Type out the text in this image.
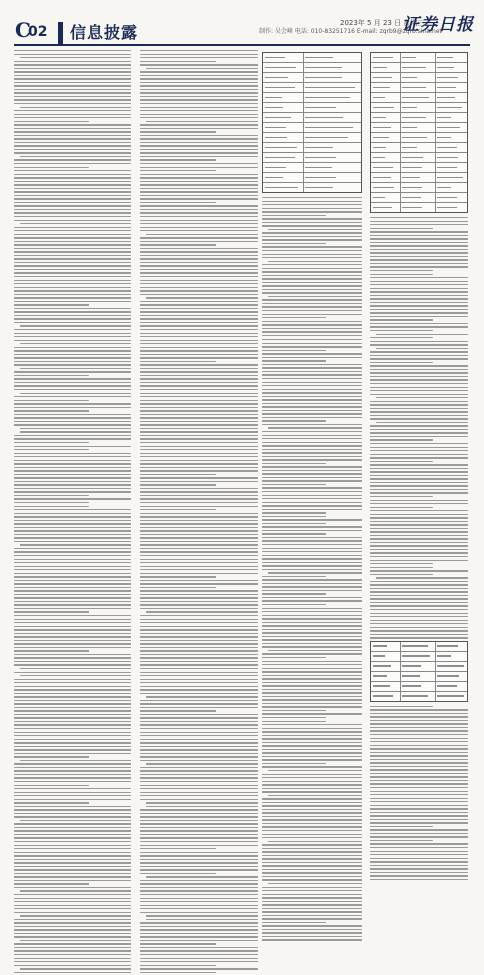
C
02 信息披露	制作: 吴会峰 电话: 010-83251716 E-mail: zqrb9@zqrb.sina.net
2023年 5 月 23 日 星期三
证券日报
